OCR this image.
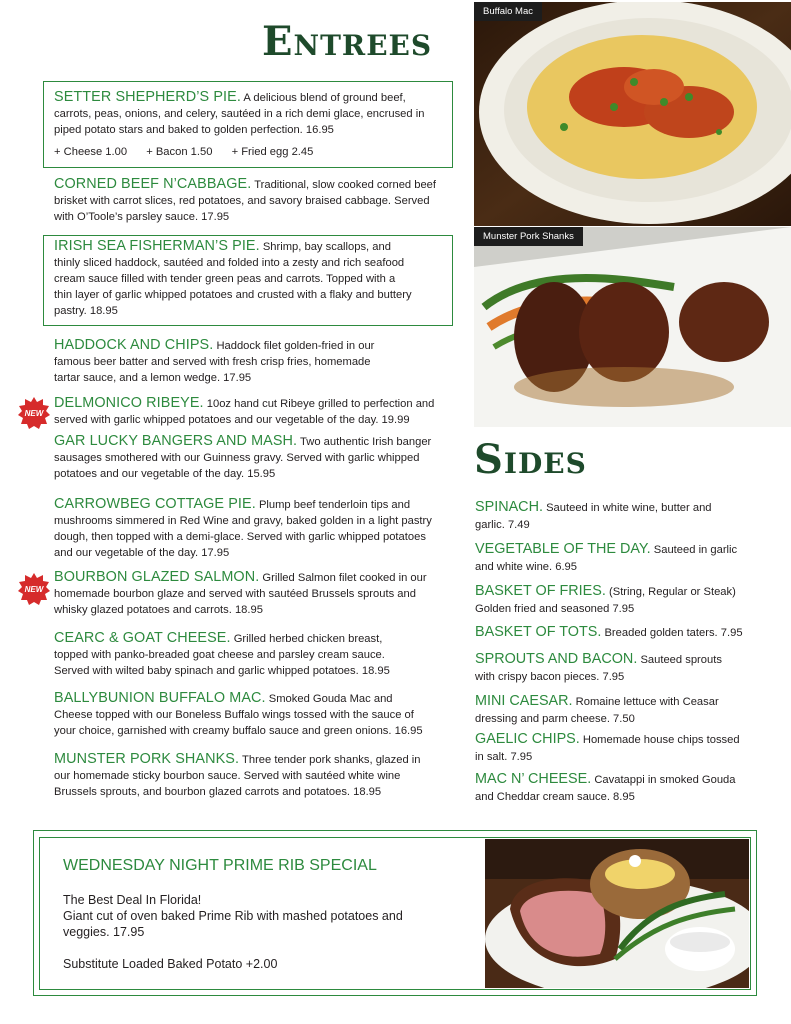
Entrees
Sides
SETTER SHEPHERD’S PIE. A delicious blend of ground beef, carrots, peas, onions, and celery, sautéed in a rich demi glace, encrused in piped potato stars and baked to golden perfection. 16.95
+ Cheese 1.00 + Bacon 1.50 + Fried egg 2.45
CORNED BEEF N’CABBAGE. Traditional, slow cooked corned beef brisket with carrot slices, red potatoes, and savory braised cabbage. Served with O’Toole’s parsley sauce. 17.95
IRISH SEA FISHERMAN’S PIE. Shrimp, bay scallops, and thinly sliced haddock, sautéed and folded into a zesty and rich seafood cream sauce filled with tender green peas and carrots. Topped with a thin layer of garlic whipped potatoes and crusted with a flaky and buttery pastry. 18.95
HADDOCK AND CHIPS. Haddock filet golden-fried in our famous beer batter and served with fresh crisp fries, homemade tartar sauce, and a lemon wedge. 17.95
NEW
DELMONICO RIBEYE. 10oz hand cut Ribeye grilled to perfection and served with garlic whipped potatoes and our vegetable of the day. 19.99
GAR LUCKY BANGERS AND MASH. Two authentic Irish banger sausages smothered with our Guinness gravy. Served with garlic whipped potatoes and our vegetable of the day. 15.95
CARROWBEG COTTAGE PIE. Plump beef tenderloin tips and mushrooms simmered in Red Wine and gravy, baked golden in a light pastry dough, then topped with a demi-glace. Served with garlic whipped potatoes and our vegetable of the day. 17.95
NEW
BOURBON GLAZED SALMON. Grilled Salmon filet cooked in our homemade bourbon glaze and served with sautéed Brussels sprouts and whisky glazed potatoes and carrots. 18.95
CEARC & GOAT CHEESE. Grilled herbed chicken breast, topped with panko-breaded goat cheese and parsley cream sauce. Served with wilted baby spinach and garlic whipped potatoes. 18.95
BALLYBUNION BUFFALO MAC. Smoked Gouda Mac and Cheese topped with our Boneless Buffalo wings tossed with the sauce of your choice, garnished with creamy buffalo sauce and green onions. 16.95
MUNSTER PORK SHANKS. Three tender pork shanks, glazed in our homemade sticky bourbon sauce. Served with sautéed white wine Brussels sprouts, and bourbon glazed carrots and potatoes. 18.95
Buffalo Mac
Munster Pork Shanks
SPINACH. Sauteed in white wine, butter and garlic. 7.49
VEGETABLE OF THE DAY. Sauteed in garlic and white wine. 6.95
BASKET OF FRIES. (String, Regular or Steak) Golden fried and seasoned 7.95
BASKET OF TOTS. Breaded golden taters. 7.95
SPROUTS AND BACON. Sauteed sprouts with crispy bacon pieces. 7.95
MINI CAESAR. Romaine lettuce with Ceasar dressing and parm cheese. 7.50
GAELIC CHIPS. Homemade house chips tossed in salt. 7.95
MAC N’ CHEESE. Cavatappi in smoked Gouda and Cheddar cream sauce. 8.95
WEDNESDAY NIGHT PRIME RIB SPECIAL
The Best Deal In Florida!
Giant cut of oven baked Prime Rib with mashed potatoes and veggies. 17.95
Substitute Loaded Baked Potato +2.00
